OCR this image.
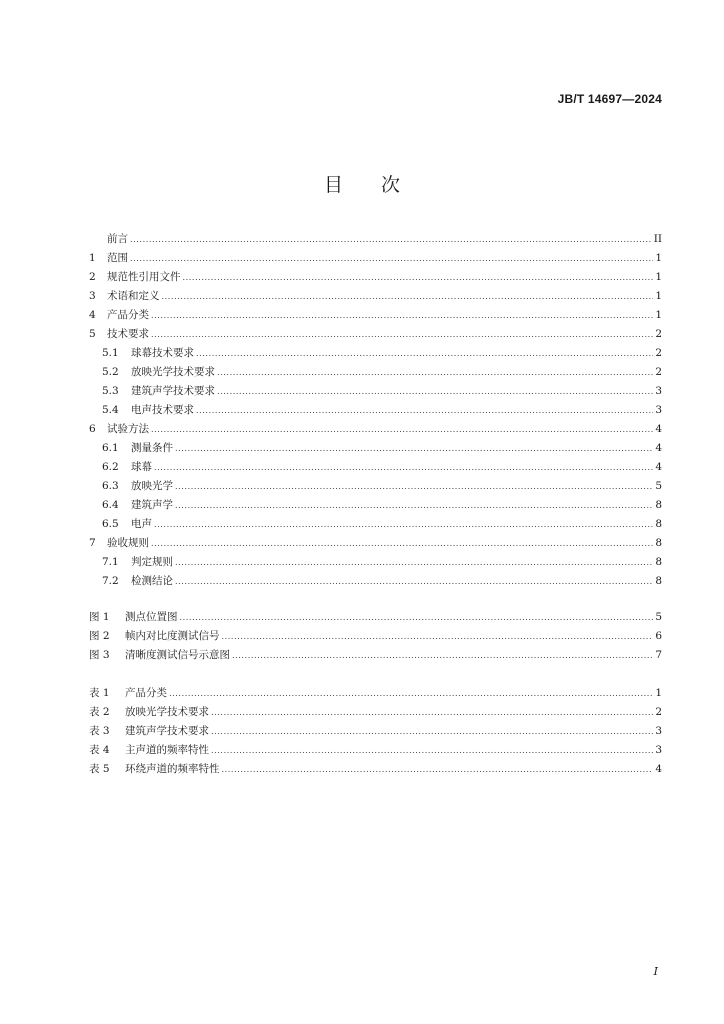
JB/T 14697—2024
目次
前言 .....	II
1	范围 .....	1
2	规范性引用文件 .....	1
3	术语和定义 .....	1
4	产品分类 .....	1
5	技术要求 .....	2
5.1	球幕技术要求 .....	2
5.2	放映光学技术要求 .....	2
5.3	建筑声学技术要求 .....	3
5.4	电声技术要求 .....	3
6	试验方法 .....	4
6.1	测量条件 .....	4
6.2	球幕 .....	4
6.3	放映光学 .....	5
6.4	建筑声学 .....	8
6.5	电声 .....	8
7	验收规则 .....	8
7.1	判定规则 .....	8
7.2	检测结论 .....	8
图 1	测点位置图 .....	5
图 2	帧内对比度测试信号 .....	6
图 3	清晰度测试信号示意图 .....	7
表 1	产品分类 .....	1
表 2	放映光学技术要求 .....	2
表 3	建筑声学技术要求 .....	3
表 4	主声道的频率特性 .....	3
表 5	环绕声道的频率特性 .....	4
I
